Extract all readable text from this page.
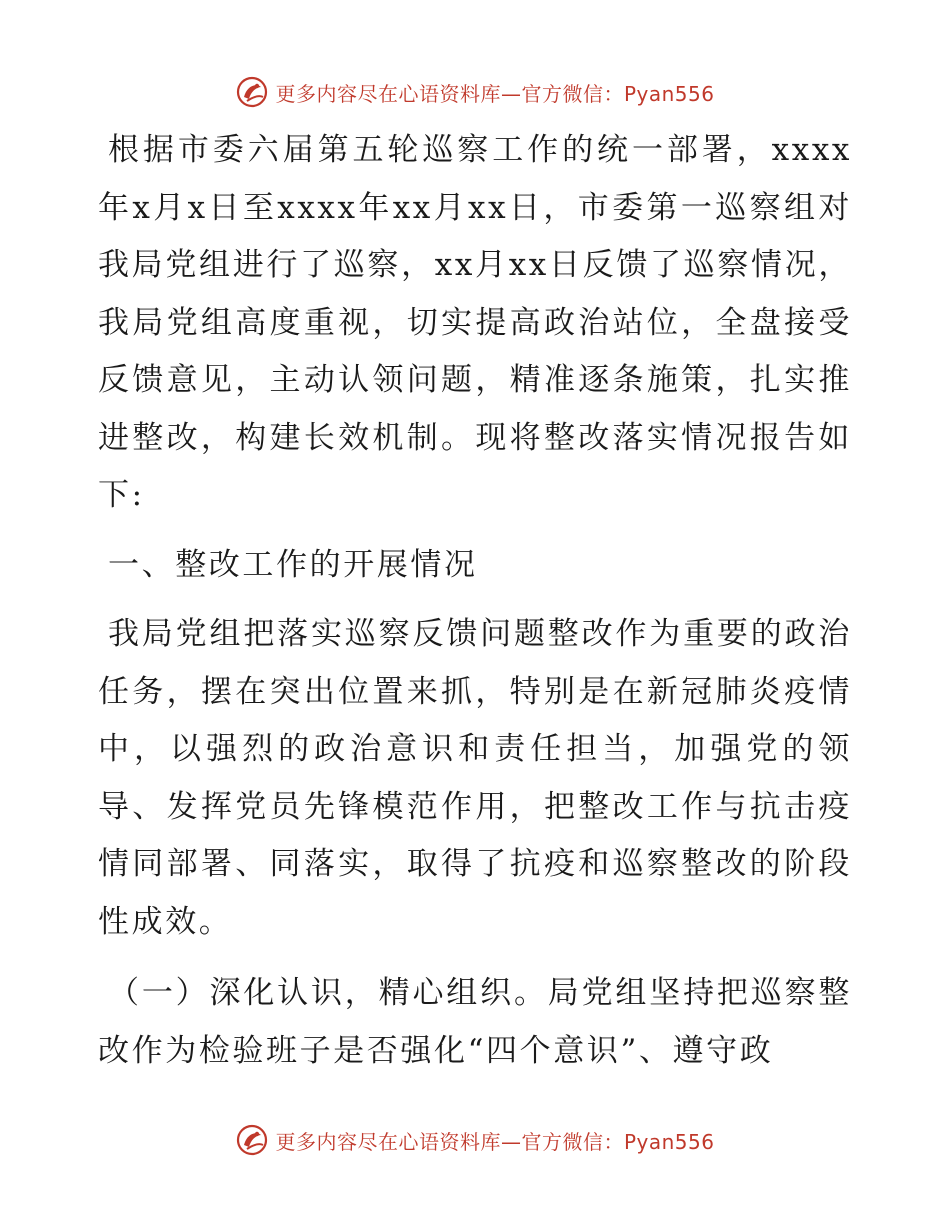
更多内容尽在心语资料库—官方微信：Pyan556

根据市委六届第五轮巡察工作的统一部署，xxxx年x月x日至xxxx年xx月xx日，市委第一巡察组对我局党组进行了巡察，xx月xx日反馈了巡察情况，我局党组高度重视，切实提高政治站位，全盘接受反馈意见，主动认领问题，精准逐条施策，扎实推进整改，构建长效机制。现将整改落实情况报告如下:

一、整改工作的开展情况

我局党组把落实巡察反馈问题整改作为重要的政治任务，摆在突出位置来抓，特别是在新冠肺炎疫情中，以强烈的政治意识和责任担当，加强党的领导、发挥党员先锋模范作用，把整改工作与抗击疫情同部署、同落实，取得了抗疫和巡察整改的阶段性成效。

（一）深化认识，精心组织。局党组坚持把巡察整改作为检验班子是否强化“四个意识”、遵守政

更多内容尽在心语资料库—官方微信：Pyan556
